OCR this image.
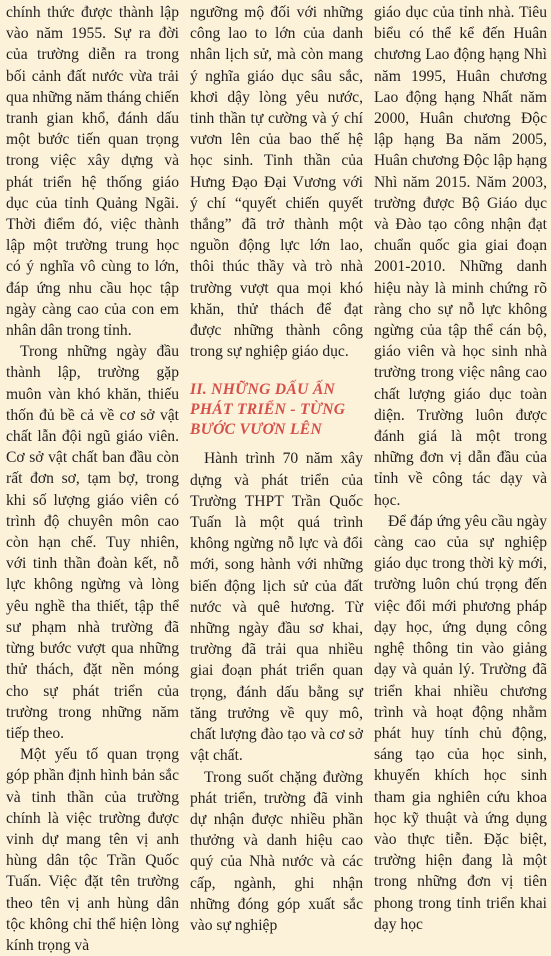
chính thức được thành lập vào năm 1955. Sự ra đời của trường diễn ra trong bối cảnh đất nước vừa trải qua những năm tháng chiến tranh gian khổ, đánh dấu một bước tiến quan trọng trong việc xây dựng và phát triển hệ thống giáo dục của tỉnh Quảng Ngãi. Thời điểm đó, việc thành lập một trường trung học có ý nghĩa vô cùng to lớn, đáp ứng nhu cầu học tập ngày càng cao của con em nhân dân trong tỉnh.

Trong những ngày đầu thành lập, trường gặp muôn vàn khó khăn, thiếu thốn đủ bề cả về cơ sở vật chất lẫn đội ngũ giáo viên. Cơ sở vật chất ban đầu còn rất đơn sơ, tạm bợ, trong khi số lượng giáo viên có trình độ chuyên môn cao còn hạn chế. Tuy nhiên, với tinh thần đoàn kết, nỗ lực không ngừng và lòng yêu nghề tha thiết, tập thể sư phạm nhà trường đã từng bước vượt qua những thử thách, đặt nền móng cho sự phát triển của trường trong những năm tiếp theo.

Một yếu tố quan trọng góp phần định hình bản sắc và tinh thần của trường chính là việc trường được vinh dự mang tên vị anh hùng dân tộc Trần Quốc Tuấn. Việc đặt tên trường theo tên vị anh hùng dân tộc không chỉ thể hiện lòng kính trọng và

ngưỡng mộ đối với những công lao to lớn của danh nhân lịch sử, mà còn mang ý nghĩa giáo dục sâu sắc, khơi dậy lòng yêu nước, tinh thần tự cường và ý chí vươn lên của bao thế hệ học sinh. Tinh thần của Hưng Đạo Đại Vương với ý chí “quyết chiến quyết thắng” đã trở thành một nguồn động lực lớn lao, thôi thúc thầy và trò nhà trường vượt qua mọi khó khăn, thử thách để đạt được những thành công trong sự nghiệp giáo dục.

II. NHỮNG DẤU ẤN PHÁT TRIỂN - TỪNG BƯỚC VƯƠN LÊN

Hành trình 70 năm xây dựng và phát triển của Trường THPT Trần Quốc Tuấn là một quá trình không ngừng nỗ lực và đổi mới, song hành với những biến động lịch sử của đất nước và quê hương. Từ những ngày đầu sơ khai, trường đã trải qua nhiều giai đoạn phát triển quan trọng, đánh dấu bằng sự tăng trưởng về quy mô, chất lượng đào tạo và cơ sở vật chất.

Trong suốt chặng đường phát triển, trường đã vinh dự nhận được nhiều phần thưởng và danh hiệu cao quý của Nhà nước và các cấp, ngành, ghi nhận những đóng góp xuất sắc vào sự nghiệp

giáo dục của tỉnh nhà. Tiêu biểu có thể kể đến Huân chương Lao động hạng Nhì năm 1995, Huân chương Lao động hạng Nhất năm 2000, Huân chương Độc lập hạng Ba năm 2005, Huân chương Độc lập hạng Nhì năm 2015. Năm 2003, trường được Bộ Giáo dục và Đào tạo công nhận đạt chuẩn quốc gia giai đoạn 2001-2010. Những danh hiệu này là minh chứng rõ ràng cho sự nỗ lực không ngừng của tập thể cán bộ, giáo viên và học sinh nhà trường trong việc nâng cao chất lượng giáo dục toàn diện. Trường luôn được đánh giá là một trong những đơn vị dẫn đầu của tỉnh về công tác dạy và học.

Để đáp ứng yêu cầu ngày càng cao của sự nghiệp giáo dục trong thời kỳ mới, trường luôn chú trọng đến việc đổi mới phương pháp dạy học, ứng dụng công nghệ thông tin vào giảng dạy và quản lý. Trường đã triển khai nhiều chương trình và hoạt động nhằm phát huy tính chủ động, sáng tạo của học sinh, khuyến khích học sinh tham gia nghiên cứu khoa học kỹ thuật và ứng dụng vào thực tiễn. Đặc biệt, trường hiện đang là một trong những đơn vị tiên phong trong tỉnh triển khai dạy học
